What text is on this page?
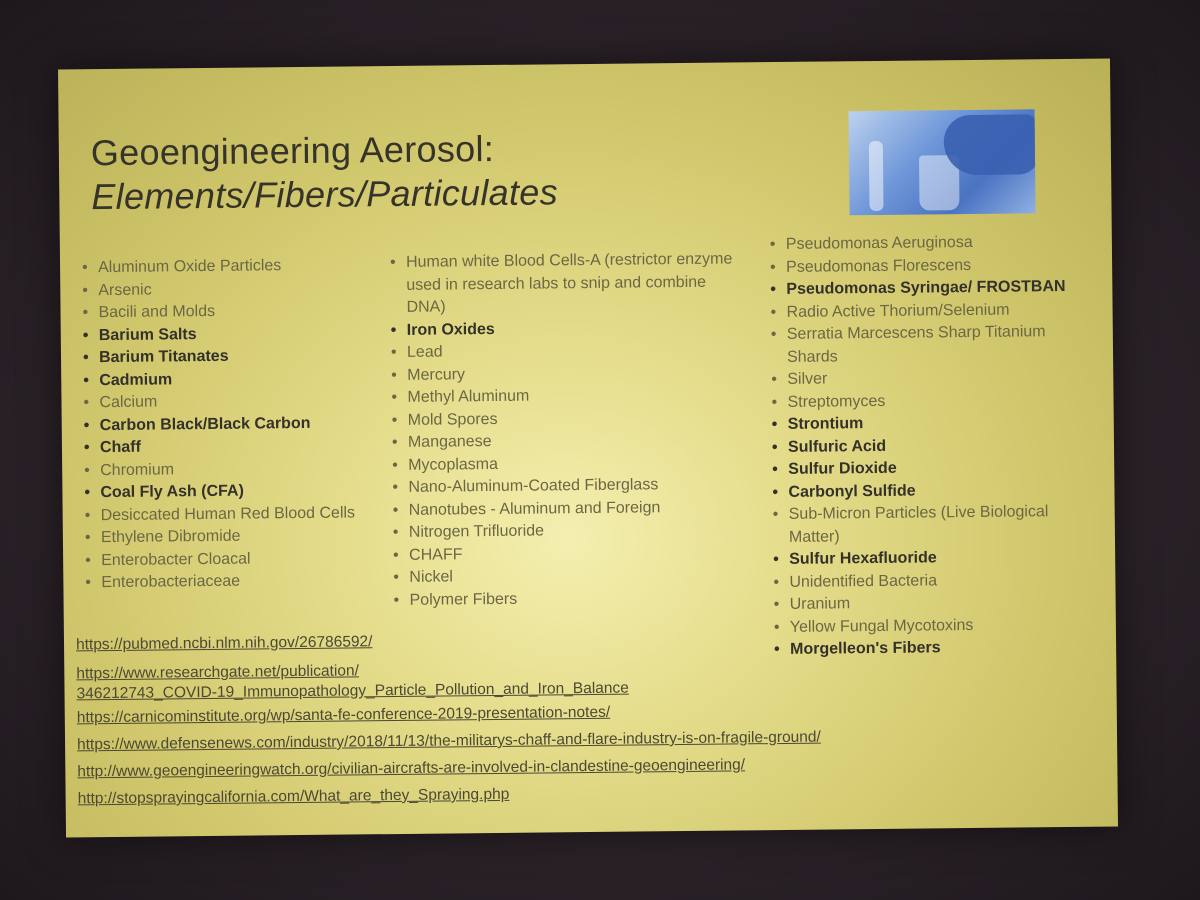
Geoengineering Aerosol:
Elements/Fibers/Particulates
• Aluminum Oxide Particles
• Arsenic
• Bacili and Molds
• Barium Salts
• Barium Titanates
• Cadmium
• Calcium
• Carbon Black/Black Carbon
• Chaff
• Chromium
• Coal Fly Ash (CFA)
• Desiccated Human Red Blood Cells
• Ethylene Dibromide
• Enterobacter Cloacal
• Enterobacteriaceae
• Human white Blood Cells-A (restrictor enzyme used in research labs to snip and combine DNA)
• Iron Oxides
• Lead
• Mercury
• Methyl Aluminum
• Mold Spores
• Manganese
• Mycoplasma
• Nano-Aluminum-Coated Fiberglass
• Nanotubes - Aluminum and Foreign
• Nitrogen Trifluoride
• CHAFF
• Nickel
• Polymer Fibers
• Pseudomonas Aeruginosa
• Pseudomonas Florescens
• Pseudomonas Syringae/ FROSTBAN
• Radio Active Thorium/Selenium
• Serratia Marcescens Sharp Titanium Shards
• Silver
• Streptomyces
• Strontium
• Sulfuric Acid
• Sulfur Dioxide
• Carbonyl Sulfide
• Sub-Micron Particles (Live Biological Matter)
• Sulfur Hexafluoride
• Unidentified Bacteria
• Uranium
• Yellow Fungal Mycotoxins
• Morgelleon's Fibers
https://pubmed.ncbi.nlm.nih.gov/26786592/
https://www.researchgate.net/publication/
346212743_COVID-19_Immunopathology_Particle_Pollution_and_Iron_Balance
https://carnicominstitute.org/wp/santa-fe-conference-2019-presentation-notes/
https://www.defensenews.com/industry/2018/11/13/the-militarys-chaff-and-flare-industry-is-on-fragile-ground/
http://www.geoengineeringwatch.org/civilian-aircrafts-are-involved-in-clandestine-geoengineering/
http://stopsprayingcalifornia.com/What_are_they_Spraying.php
